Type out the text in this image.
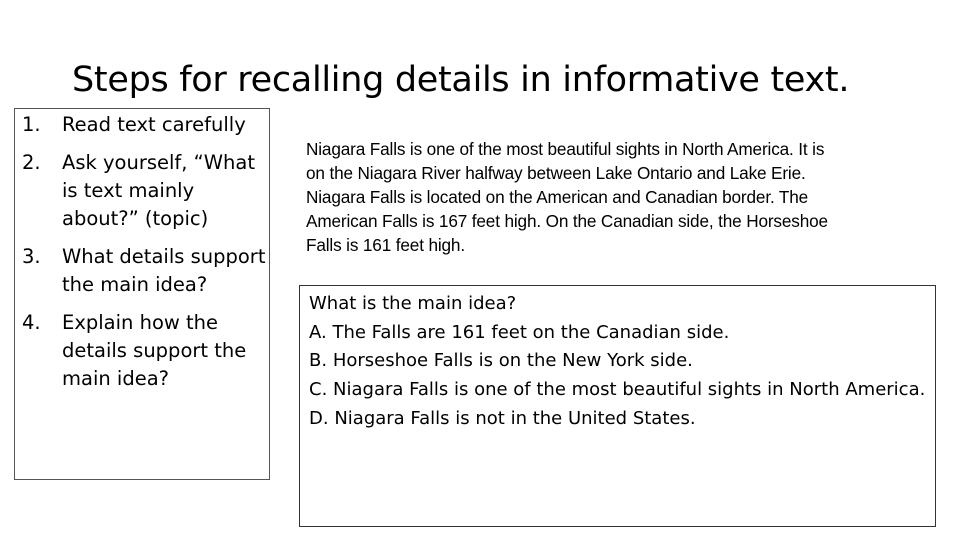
Steps for recalling details in informative text.
1. Read text carefully
2. Ask yourself, “What is text mainly about?” (topic)
3. What details support the main idea?
4. Explain how the details support the main idea?

Niagara Falls is one of the most beautiful sights in North America. It is on the Niagara River halfway between Lake Ontario and Lake Erie. Niagara Falls is located on the American and Canadian border. The American Falls is 167 feet high. On the Canadian side, the Horseshoe Falls is 161 feet high.

What is the main idea?

A. The Falls are 161 feet on the Canadian side.

B. Horseshoe Falls is on the New York side.

C. Niagara Falls is one of the most beautiful sights in North America.

D. Niagara Falls is not in the United States.
